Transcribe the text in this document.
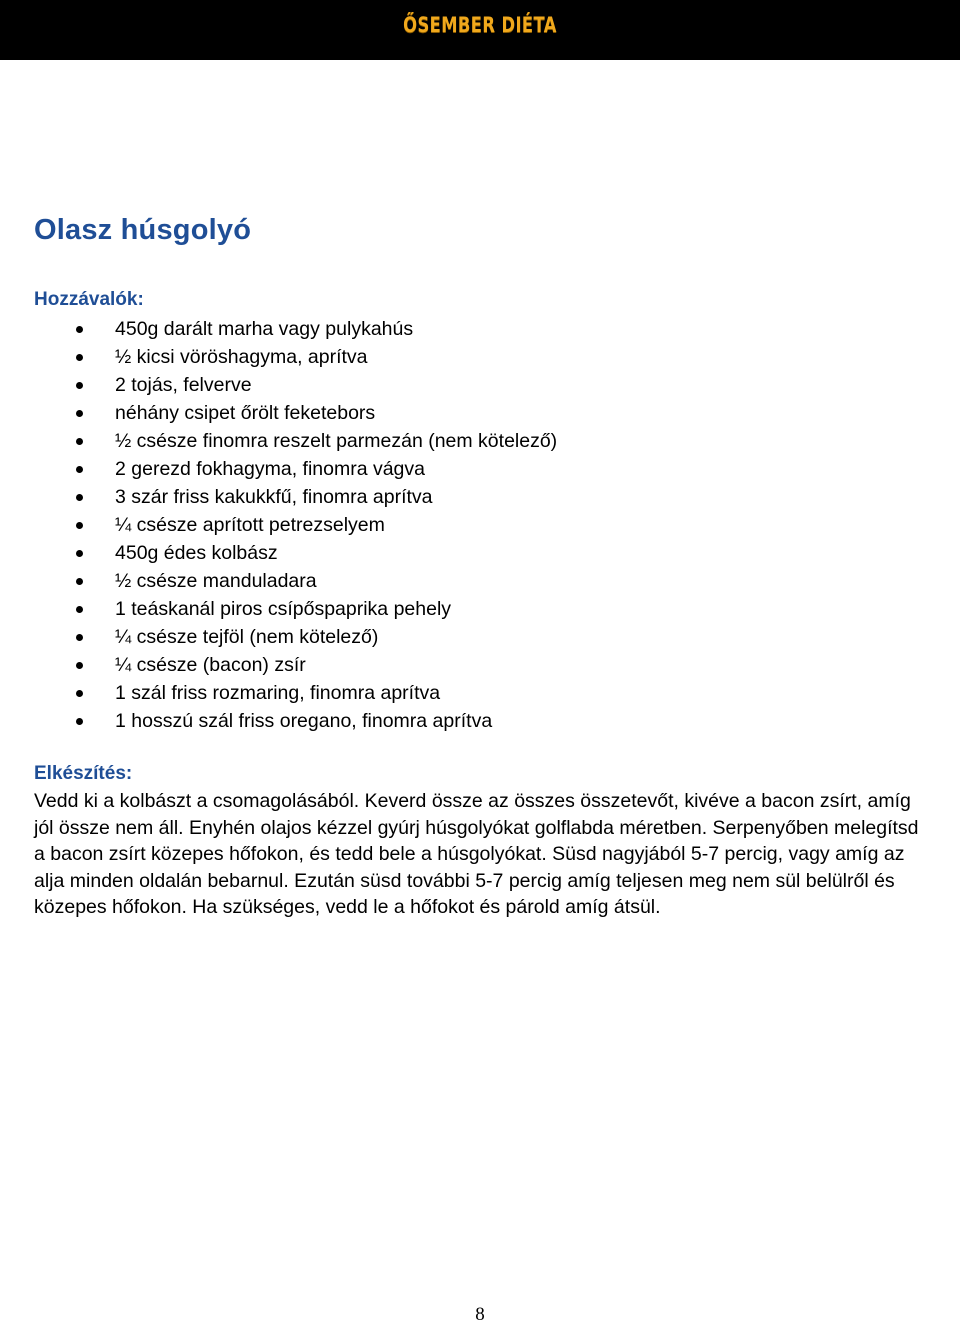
ŐSEMBER DIÉTA
Olasz húsgolyó
Hozzávalók:
450g darált marha vagy pulykahús
½ kicsi vöröshagyma, aprítva
2 tojás, felverve
néhány csipet őrölt feketebors
½ csésze finomra reszelt parmezán (nem kötelező)
2 gerezd fokhagyma, finomra vágva
3 szár friss kakukkfű, finomra aprítva
¼ csésze aprított petrezselyem
450g édes kolbász
½ csésze manduladara
1 teáskanál piros csípőspaprika pehely
¼ csésze tejföl (nem kötelező)
¼ csésze (bacon) zsír
1 szál friss rozmaring, finomra aprítva
1 hosszú szál friss oregano, finomra aprítva
Elkészítés:

Vedd ki a kolbászt a csomagolásából. Keverd össze az összes összetevőt, kivéve a bacon zsírt, amíg jól össze nem áll. Enyhén olajos kézzel gyúrj húsgolyókat golflabda méretben. Serpenyőben melegítsd a bacon zsírt közepes hőfokon, és tedd bele a húsgolyókat. Süsd nagyjából 5-7 percig, vagy amíg az alja minden oldalán bebarnul. Ezután süsd további 5-7 percig amíg teljesen meg nem sül belülről és közepes hőfokon. Ha szükséges, vedd le a hőfokot és párold amíg átsül.

8
